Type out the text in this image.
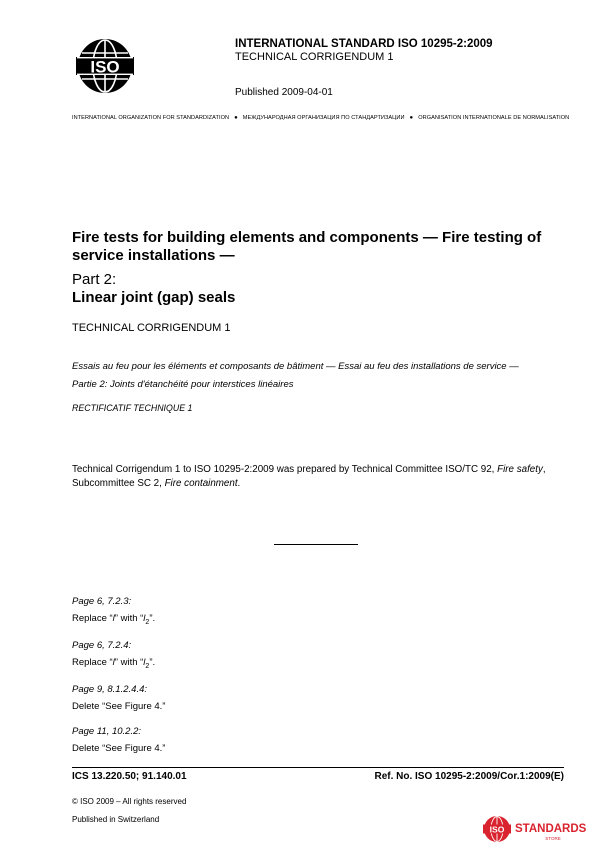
ISO
INTERNATIONAL STANDARD ISO 10295-2:2009
TECHNICAL CORRIGENDUM 1
Published 2009-04-01
INTERNATIONAL ORGANIZATION FOR STANDARDIZATION ● МЕЖДУНАРОДНАЯ ОРГАНИЗАЦИЯ ПО СТАНДАРТИЗАЦИИ ● ORGANISATION INTERNATIONALE DE NORMALISATION
Fire tests for building elements and components — Fire testing of service installations —
Part 2:
Linear joint (gap) seals
TECHNICAL CORRIGENDUM 1
Essais au feu pour les éléments et composants de bâtiment — Essai au feu des installations de service —
Partie 2: Joints d'étanchéité pour interstices linéaires
RECTIFICATIF TECHNIQUE 1
Technical Corrigendum 1 to ISO 10295-2:2009 was prepared by Technical Committee ISO/TC 92, Fire safety, Subcommittee SC 2, Fire containment.
Page 6, 7.2.3:
Replace “l” with “$l_2$”.
Page 6, 7.2.4:
Replace “l” with “$l_2$”.
Page 9, 8.1.2.4.4:
Delete “See Figure 4.”
Page 11, 10.2.2:
Delete “See Figure 4.”
ICS 13.220.50; 91.140.01	Ref. No. ISO 10295-2:2009/Cor.1:2009(E)
© ISO 2009 – All rights reserved
Published in Switzerland
ISO STANDARDS
STORE
